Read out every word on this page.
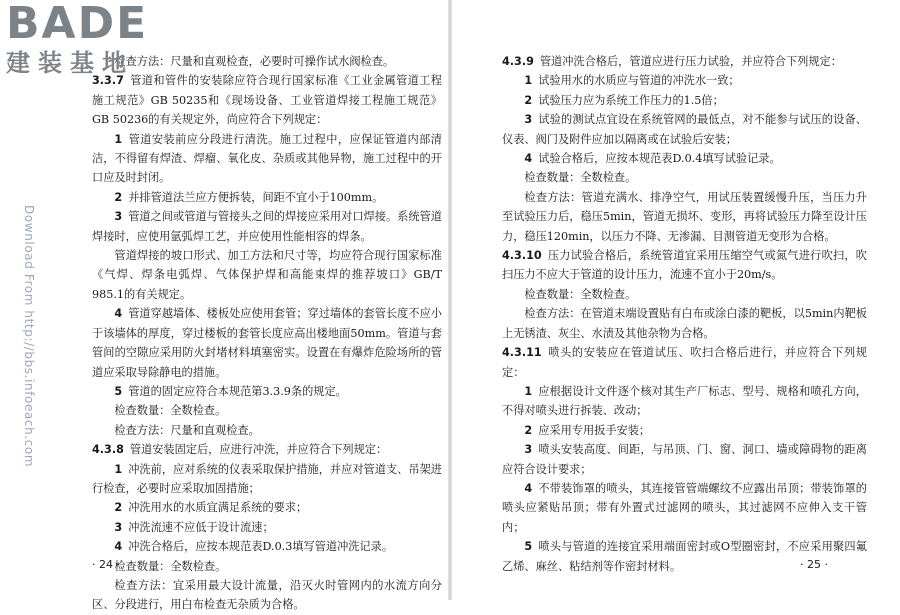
检查方法：尺量和直观检查，必要时可操作试水阀检查。

3.3.7 管道和管件的安装除应符合现行国家标准《工业金属管道工程施工规范》GB 50235和《现场设备、工业管道焊接工程施工规范》GB 50236的有关规定外，尚应符合下列规定：

1 管道安装前应分段进行清洗。施工过程中，应保证管道内部清洁，不得留有焊渣、焊瘤、氧化皮、杂质或其他异物，施工过程中的开口应及时封闭。

2 并排管道法兰应方便拆装，间距不宜小于100mm。

3 管道之间或管道与管接头之间的焊接应采用对口焊接。系统管道焊接时，应使用氩弧焊工艺，并应使用性能相容的焊条。

管道焊接的坡口形式、加工方法和尺寸等，均应符合现行国家标准《气焊、焊条电弧焊、气体保护焊和高能束焊的推荐坡口》GB/T 985.1的有关规定。

4 管道穿越墙体、楼板处应使用套管；穿过墙体的套管长度不应小于该墙体的厚度，穿过楼板的套管长度应高出楼地面50mm。管道与套管间的空隙应采用防火封堵材料填塞密实。设置在有爆炸危险场所的管道应采取导除静电的措施。

5 管道的固定应符合本规范第3.3.9条的规定。

检查数量：全数检查。

检查方法：尺量和直观检查。

4.3.8 管道安装固定后，应进行冲洗，并应符合下列规定：

1 冲洗前，应对系统的仪表采取保护措施，并应对管道支、吊架进行检查，必要时应采取加固措施；

2 冲洗用水的水质宜满足系统的要求；

3 冲洗流速不应低于设计流速；

4 冲洗合格后，应按本规范表D.0.3填写管道冲洗记录。

检查数量：全数检查。

检查方法：宜采用最大设计流量，沿灭火时管网内的水流方向分区、分段进行，用白布检查无杂质为合格。

· 24 ·

4.3.9 管道冲洗合格后，管道应进行压力试验，并应符合下列规定：

1 试验用水的水质应与管道的冲洗水一致；

2 试验压力应为系统工作压力的1.5倍；

3 试验的测试点宜设在系统管网的最低点，对不能参与试压的设备、仪表、阀门及附件应加以隔离或在试验后安装；

4 试验合格后，应按本规范表D.0.4填写试验记录。

检查数量：全数检查。

检查方法：管道充满水、排净空气，用试压装置缓慢升压，当压力升至试验压力后，稳压5min，管道无损坏、变形，再将试验压力降至设计压力，稳压120min，以压力不降、无渗漏、目测管道无变形为合格。

4.3.10 压力试验合格后，系统管道宜采用压缩空气或氮气进行吹扫，吹扫压力不应大于管道的设计压力，流速不宜小于20m/s。

检查数量：全数检查。

检查方法：在管道末端设置贴有白布或涂白漆的靶板，以5min内靶板上无锈渣、灰尘、水渍及其他杂物为合格。

4.3.11 喷头的安装应在管道试压、吹扫合格后进行，并应符合下列规定：

1 应根据设计文件逐个核对其生产厂标志、型号、规格和喷孔方向，不得对喷头进行拆装、改动；

2 应采用专用扳手安装；

3 喷头安装高度、间距，与吊顶、门、窗、洞口、墙或障碍物的距离应符合设计要求；

4 不带装饰罩的喷头，其连接管管端螺纹不应露出吊顶；带装饰罩的喷头应紧贴吊顶；带有外置式过滤网的喷头，其过滤网不应伸入支干管内；

5 喷头与管道的连接宜采用端面密封或O型圈密封，不应采用聚四氟乙烯、麻丝、粘结剂等作密封材料。	· 25 ·
BADE
建装基地
Download From http://bbs.infoeach.com
